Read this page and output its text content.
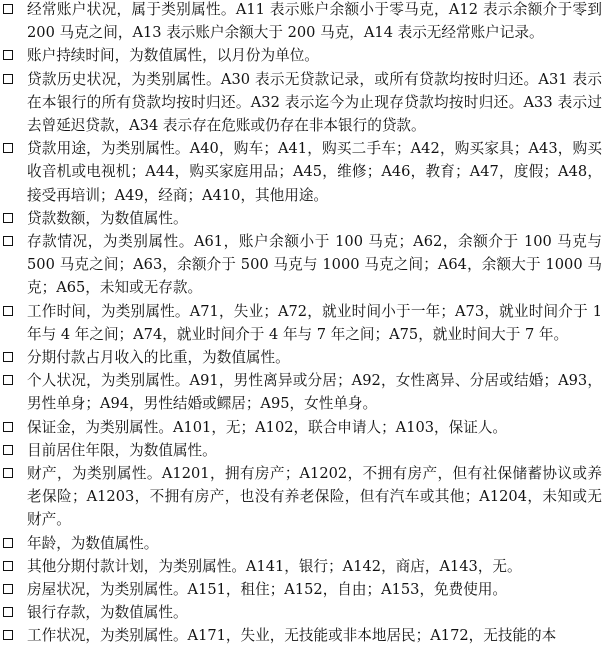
经常账户状况，属于类别属性。A11 表示账户余额小于零马克，A12 表示余额介于零到 200 马克之间，A13 表示账户余额大于 200 马克，A14 表示无经常账户记录。
账户持续时间，为数值属性，以月份为单位。
贷款历史状况，为类别属性。A30 表示无贷款记录，或所有贷款均按时归还。A31 表示在本银行的所有贷款均按时归还。A32 表示迄今为止现存贷款均按时归还。A33 表示过去曾延迟贷款，A34 表示存在危账或仍存在非本银行的贷款。
贷款用途，为类别属性。A40，购车；A41，购买二手车；A42，购买家具；A43，购买收音机或电视机；A44，购买家庭用品；A45，维修；A46，教育；A47，度假；A48，接受再培训；A49，经商；A410，其他用途。
贷款数额，为数值属性。
存款情况，为类别属性。A61，账户余额小于 100 马克；A62，余额介于 100 马克与 500 马克之间；A63，余额介于 500 马克与 1000 马克之间；A64，余额大于 1000 马克；A65，未知或无存款。
工作时间，为类别属性。A71，失业；A72，就业时间小于一年；A73，就业时间介于 1 年与 4 年之间；A74，就业时间介于 4 年与 7 年之间；A75，就业时间大于 7 年。
分期付款占月收入的比重，为数值属性。
个人状况，为类别属性。A91，男性离异或分居；A92，女性离异、分居或结婚；A93，男性单身；A94，男性结婚或鳏居；A95，女性单身。
保证金，为类别属性。A101，无；A102，联合申请人；A103，保证人。
目前居住年限，为数值属性。
财产，为类别属性。A1201，拥有房产；A1202，不拥有房产，但有社保储蓄协议或养老保险；A1203，不拥有房产，也没有养老保险，但有汽车或其他；A1204，未知或无财产。
年龄，为数值属性。
其他分期付款计划，为类别属性。A141，银行；A142，商店，A143，无。
房屋状况，为类别属性。A151，租住；A152，自由；A153，免费使用。
银行存款，为数值属性。
工作状况，为类别属性。A171，失业，无技能或非本地居民；A172，无技能的本
